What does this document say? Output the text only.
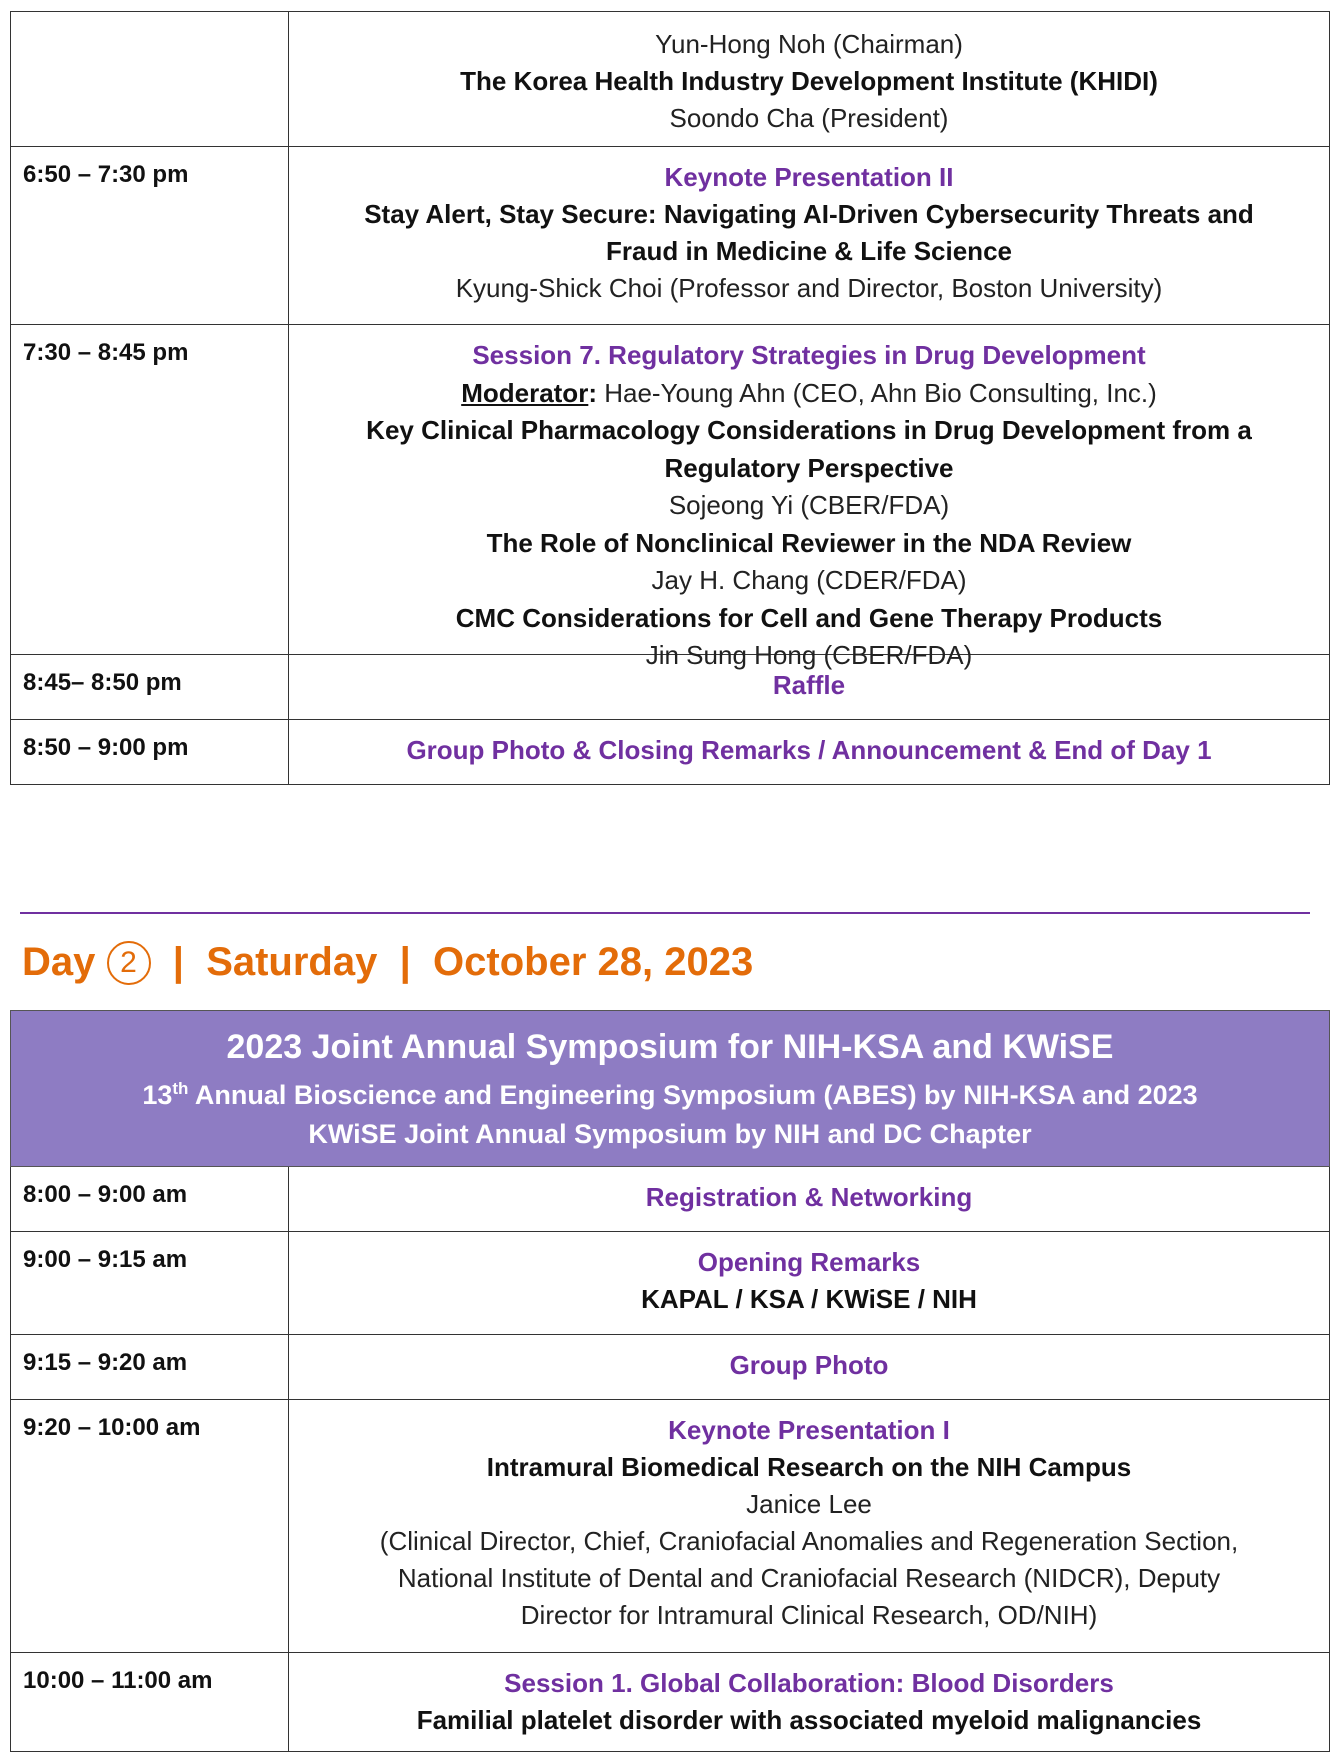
Yun-Hong Noh (Chairman)
The Korea Health Industry Development Institute (KHIDI)
Soondo Cha (President)
6:50 – 7:30 pm	Keynote Presentation II
Stay Alert, Stay Secure: Navigating AI-Driven Cybersecurity Threats and
Fraud in Medicine & Life Science
Kyung-Shick Choi (Professor and Director, Boston University)
7:30 – 8:45 pm	Session 7. Regulatory Strategies in Drug Development
Moderator: Hae-Young Ahn (CEO, Ahn Bio Consulting, Inc.)
Key Clinical Pharmacology Considerations in Drug Development from a
Regulatory Perspective
Sojeong Yi (CBER/FDA)
The Role of Nonclinical Reviewer in the NDA Review
Jay H. Chang (CDER/FDA)
CMC Considerations for Cell and Gene Therapy Products
Jin Sung Hong (CBER/FDA)
8:45– 8:50 pm	Raffle
8:50 – 9:00 pm	Group Photo & Closing Remarks / Announcement & End of Day 1
Day 2 | Saturday | October 28, 2023
2023 Joint Annual Symposium for NIH-KSA and KWiSE
13th Annual Bioscience and Engineering Symposium (ABES) by NIH-KSA and 2023
KWiSE Joint Annual Symposium by NIH and DC Chapter
8:00 – 9:00 am	Registration & Networking
9:00 – 9:15 am	Opening Remarks
KAPAL / KSA / KWiSE / NIH
9:15 – 9:20 am	Group Photo
9:20 – 10:00 am	Keynote Presentation I
Intramural Biomedical Research on the NIH Campus
Janice Lee
(Clinical Director, Chief, Craniofacial Anomalies and Regeneration Section,
National Institute of Dental and Craniofacial Research (NIDCR), Deputy
Director for Intramural Clinical Research, OD/NIH)
10:00 – 11:00 am	Session 1. Global Collaboration: Blood Disorders
Familial platelet disorder with associated myeloid malignancies
